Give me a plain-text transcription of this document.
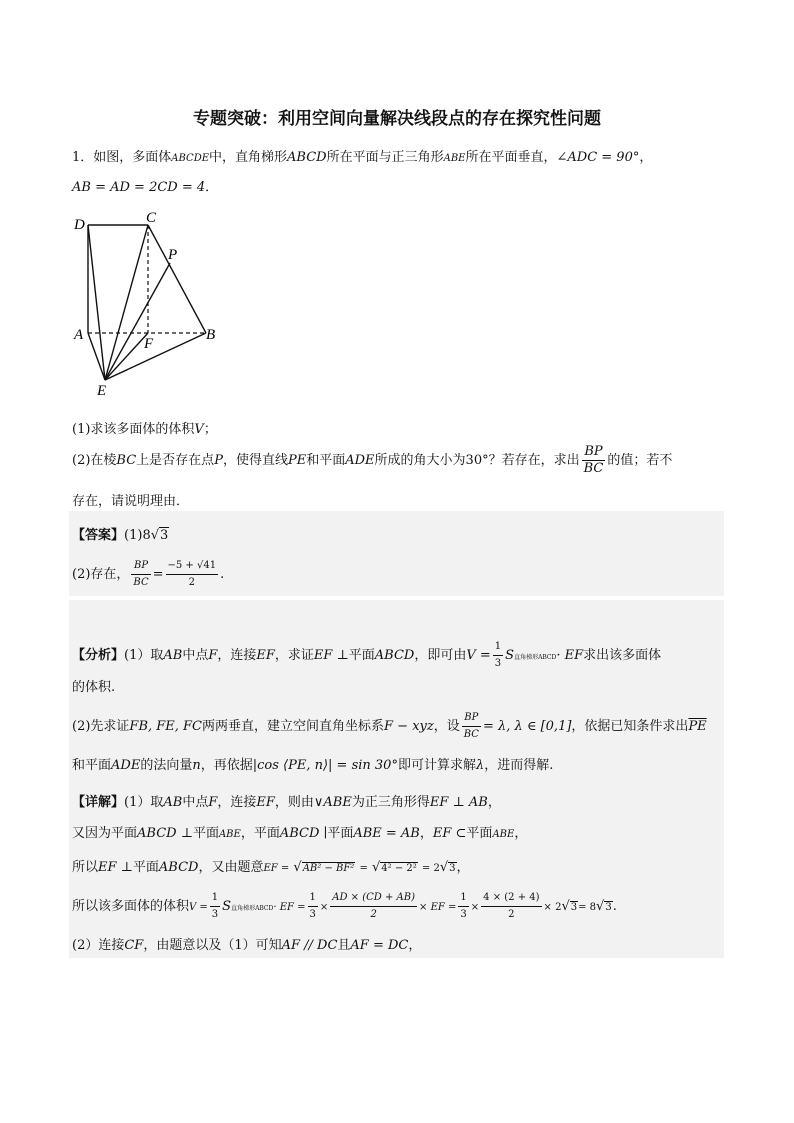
专题突破：利用空间向量解决线段点的存在探究性问题
1．如图，多面体ABCDE中，直角梯形ABCD所在平面与正三角形ABE所在平面垂直，∠ADC = 90°，
AB = AD = 2CD = 4．
D	C
P
A
F
B
E
(1)求该多面体的体积V；
(2)在棱BC上是否存在点P，使得直线PE和平面ADE所成的角大小为30°？若存在，求出 $\frac{BP}{BC}$ 的值；若不
存在，请说明理由．
【答案】(1)8√3
(2)存在， $\frac{BP}{BC} = \frac{-5 + √41}{2}$ .
【分析】(1）取AB中点F，连接EF，求证EF ⊥平面ABCD，即可由$V = \frac{1}{3}$ S直角梯形ABCD· EF求出该多面体
的体积.
(2)先求证FB, FE, FC两两垂直，建立空间直角坐标系F − xyz，设 $\frac{BP}{BC} = \lambda$, λ ∈ [0,1]，依据已知条件求出$\overline{PE}$
和平面ADE的法向量n，再依据|cos ⟨PE, n⟩| = sin 30°即可计算求解λ，进而得解.
【详解】(1）取AB中点F，连接EF，则由∨ABE为正三角形得EF ⊥ AB，
又因为平面ABCD ⊥平面ABE，平面ABCD ∣平面ABE = AB，EF ⊂平面ABE，
所以EF ⊥平面ABCD，又由题意EF = √AB² − BF² = √4² − 2² = 2√3，
所以该多面体的体积$V = \frac{1}{3}$ S直角梯形ABCD· EF = $\frac{1}{3} \times \frac{AD \times (CD + AB)}{2}$ × EF = $\frac{1}{3} \times \frac{4 \times (2 + 4)}{2} \times 2√3= 8√3$.
(2）连接CF，由题意以及（1）可知AF // DC且AF = DC，
